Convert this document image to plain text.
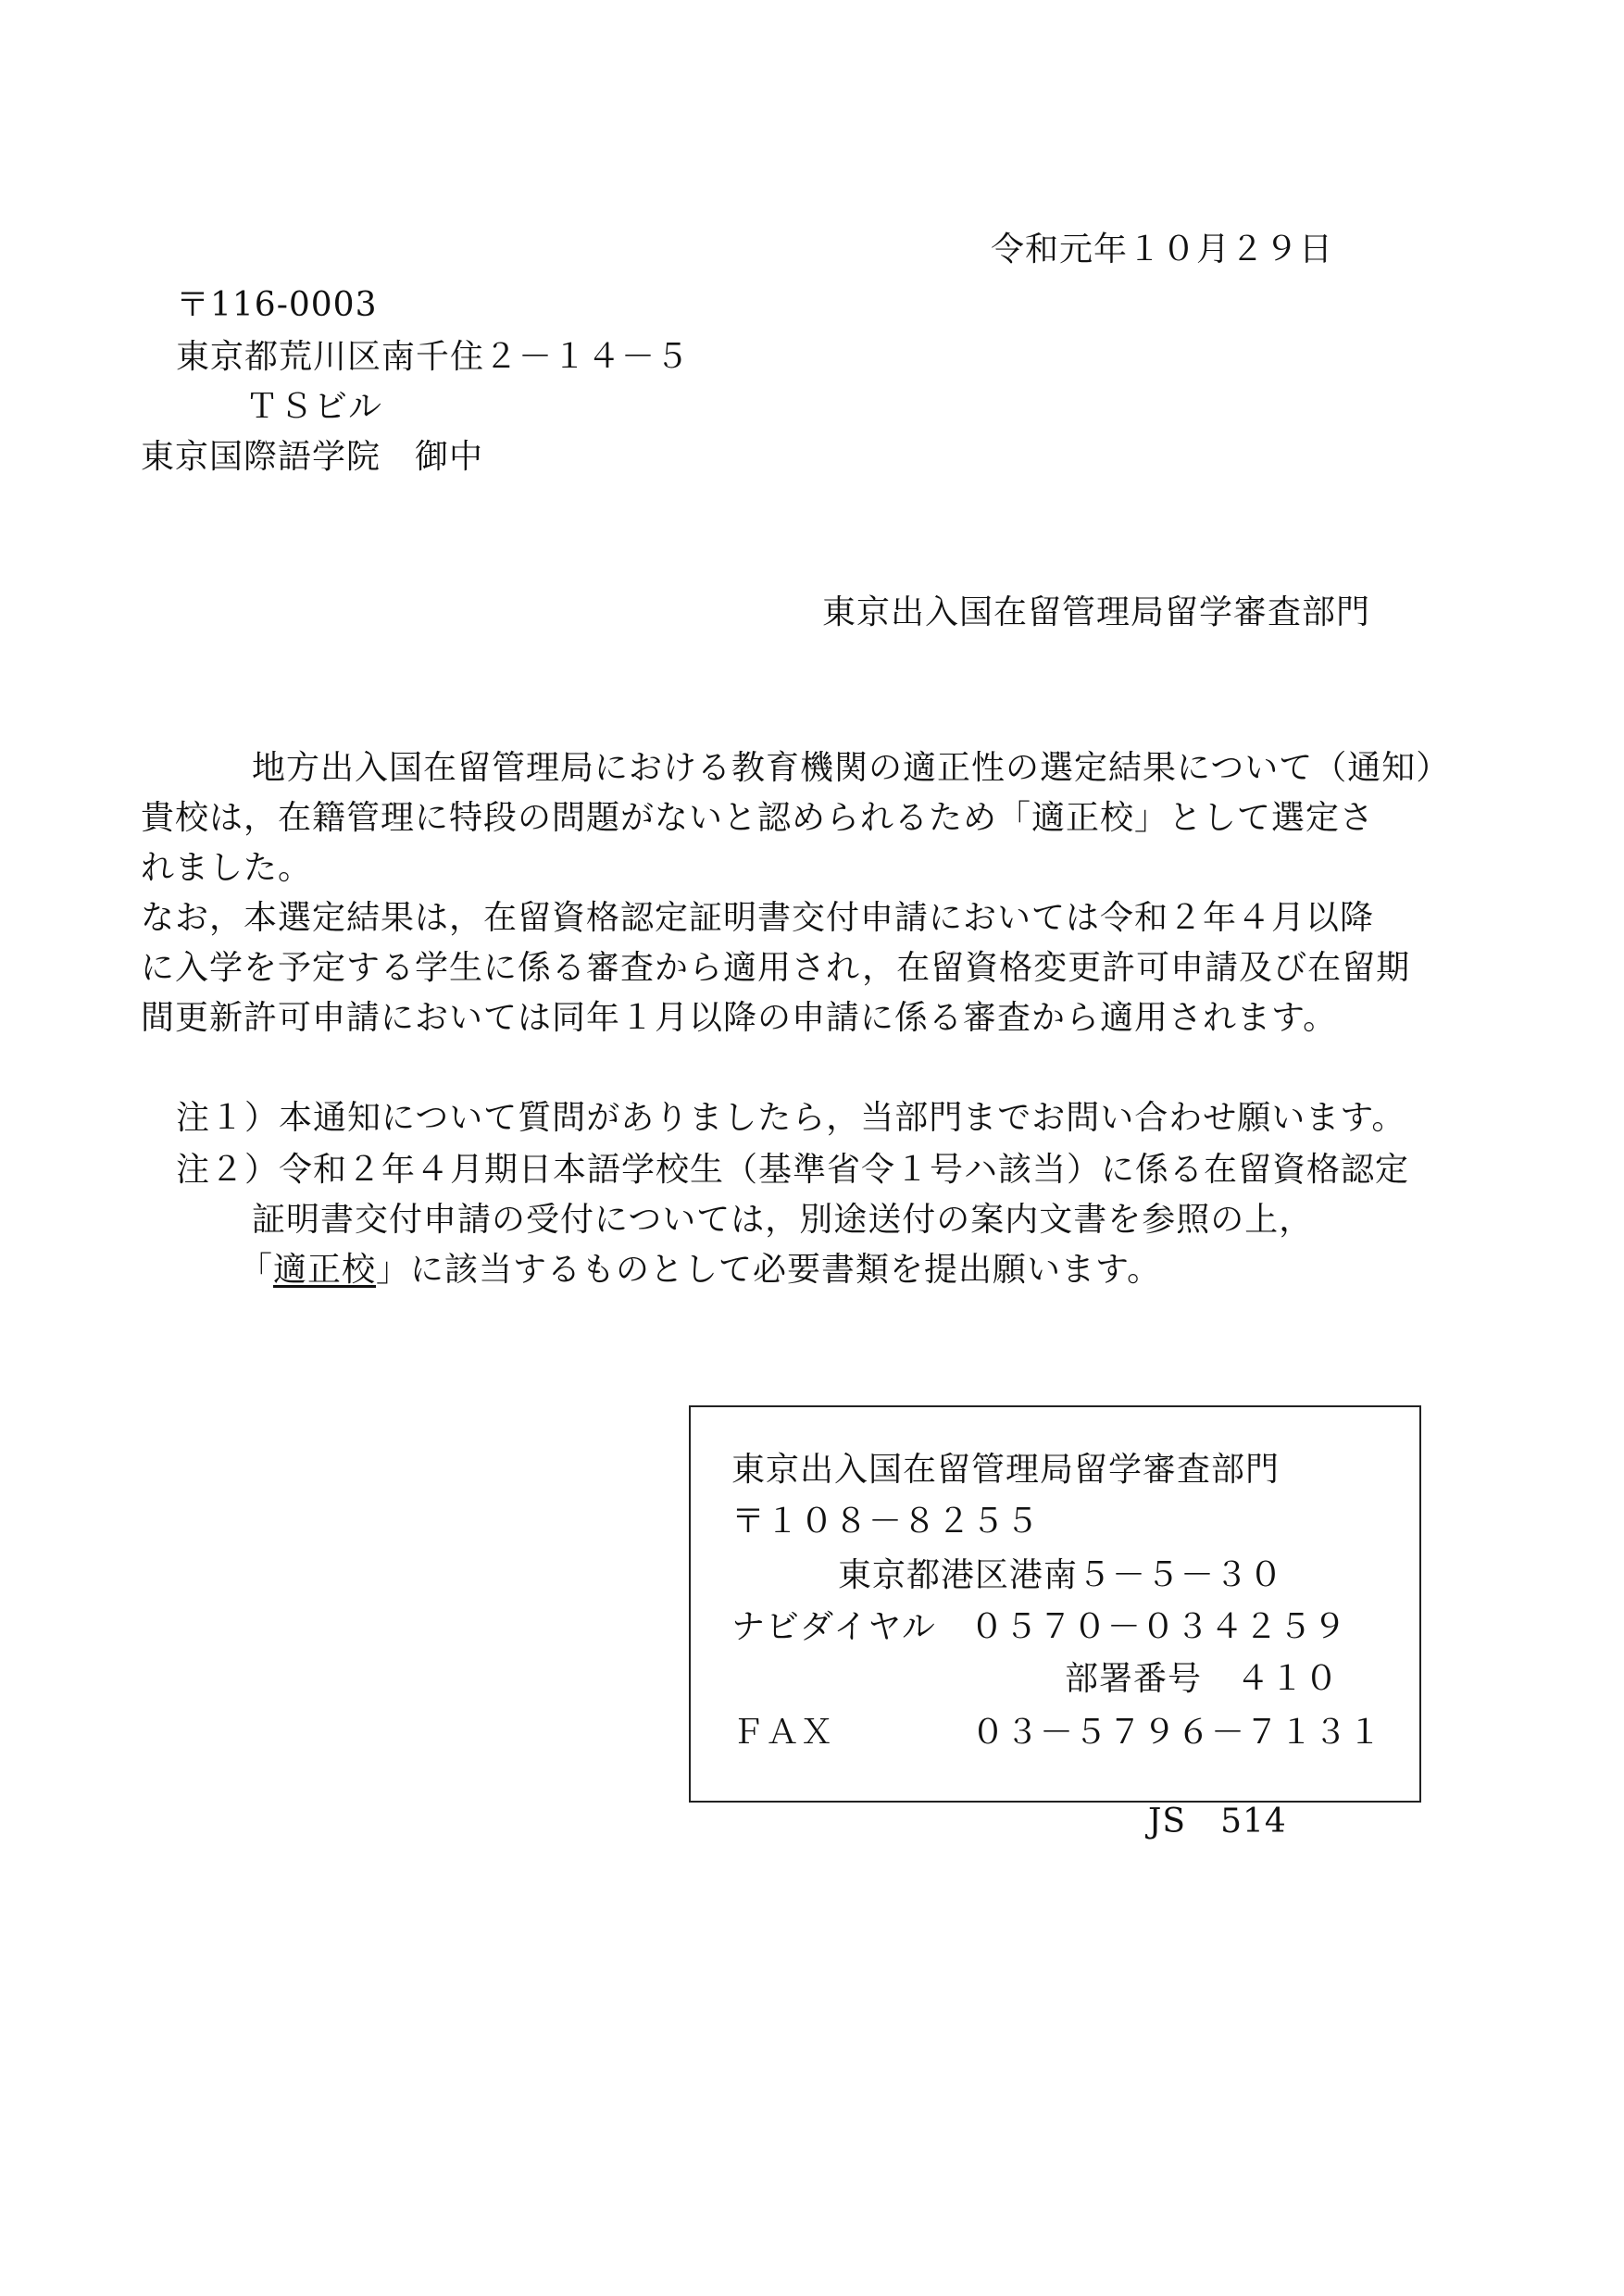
令和元年１０月２９日
〒116-0003
東京都荒川区南千住２－１４－５
ＴＳビル
東京国際語学院　御中
東京出入国在留管理局留学審査部門
地方出入国在留管理局における教育機関の適正性の選定結果について（通知）
貴校は，在籍管理に特段の問題がないと認められるため「適正校」として選定さ
れました。
なお，本選定結果は，在留資格認定証明書交付申請においては令和２年４月以降
に入学を予定する学生に係る審査から適用され，在留資格変更許可申請及び在留期
間更新許可申請においては同年１月以降の申請に係る審査から適用されます。
注１）本通知について質問がありましたら，当部門までお問い合わせ願います。
注２）令和２年４月期日本語学校生（基準省令１号ハ該当）に係る在留資格認定
証明書交付申請の受付については，別途送付の案内文書を参照の上，
「適正校」に該当するものとして必要書類を提出願います。
東京出入国在留管理局留学審査部門
〒１０８－８２５５
東京都港区港南５－５－３０
ナビダイヤル　０５７０－０３４２５９
部署番号　４１０
ＦＡＸ　　　　０３－５７９６－７１３１
JS　514
